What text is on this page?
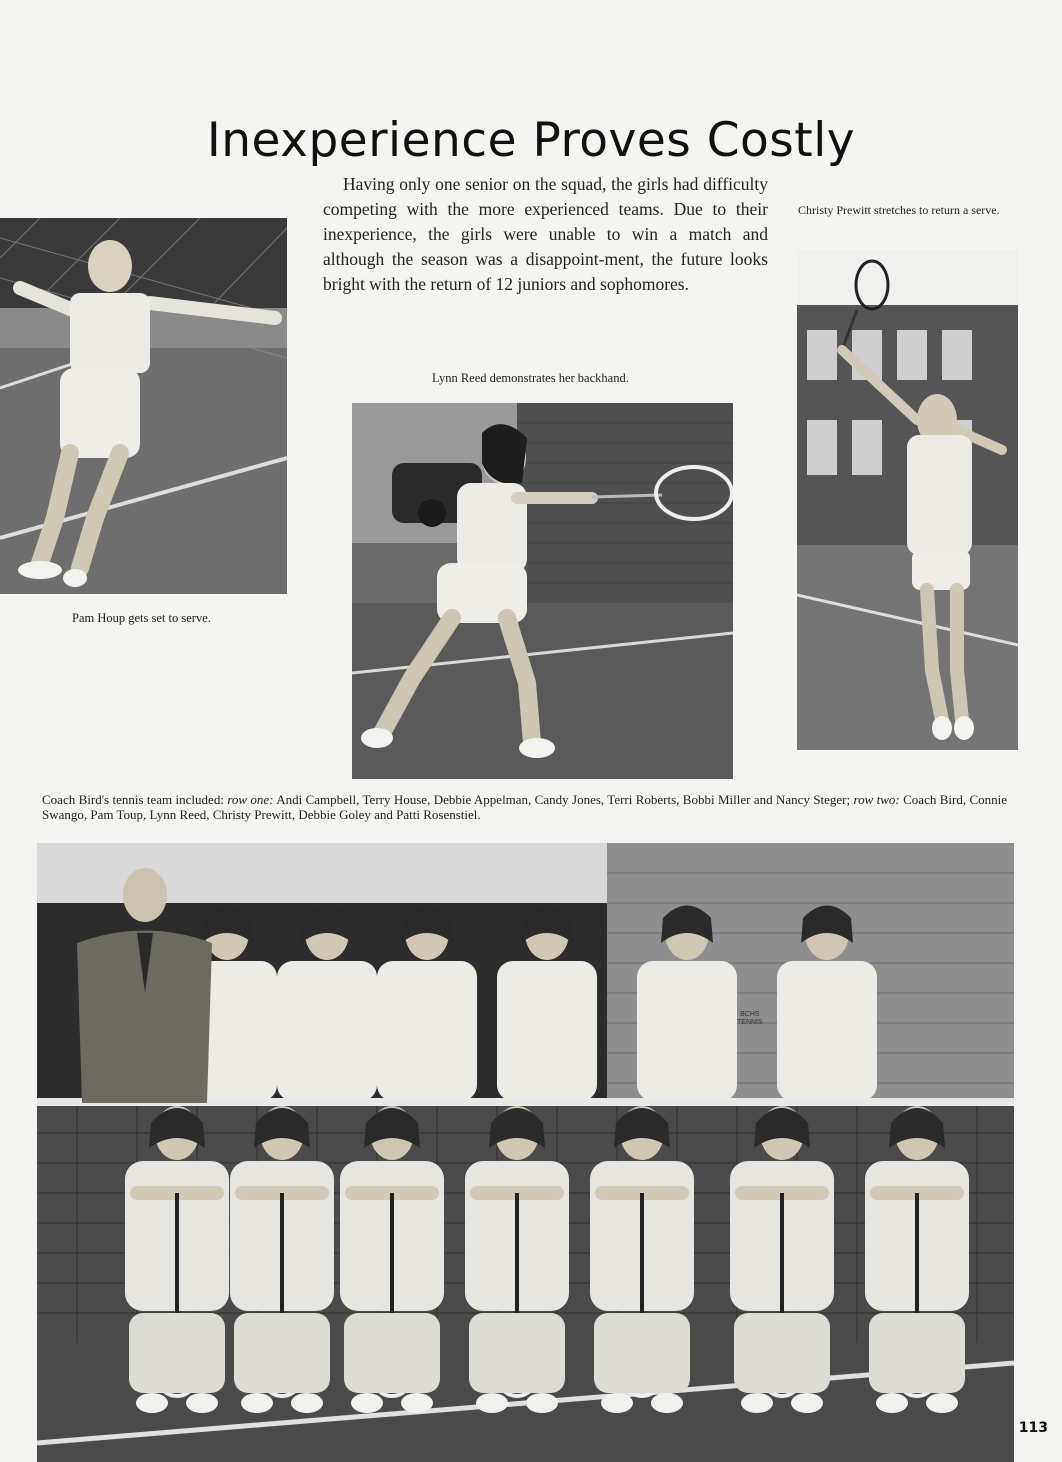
Inexperience Proves Costly

Having only one senior on the squad, the girls had difficulty competing with the more experienced teams. Due to their inexperience, the girls were unable to win a match and although the season was a disappoint-ment, the future looks bright with the return of 12 juniors and sophomores.

Pam Houp gets set to serve.
Lynn Reed demonstrates her backhand.
Christy Prewitt stretches to return a serve.
Coach Bird's tennis team included: row one: Andi Campbell, Terry House, Debbie Appelman, Candy Jones, Terri Roberts, Bobbi Miller and Nancy Steger; row two: Coach Bird, Connie Swango, Pam Toup, Lynn Reed, Christy Prewitt, Debbie Goley and Patti Rosenstiel.
BCHS
TENNIS
113
